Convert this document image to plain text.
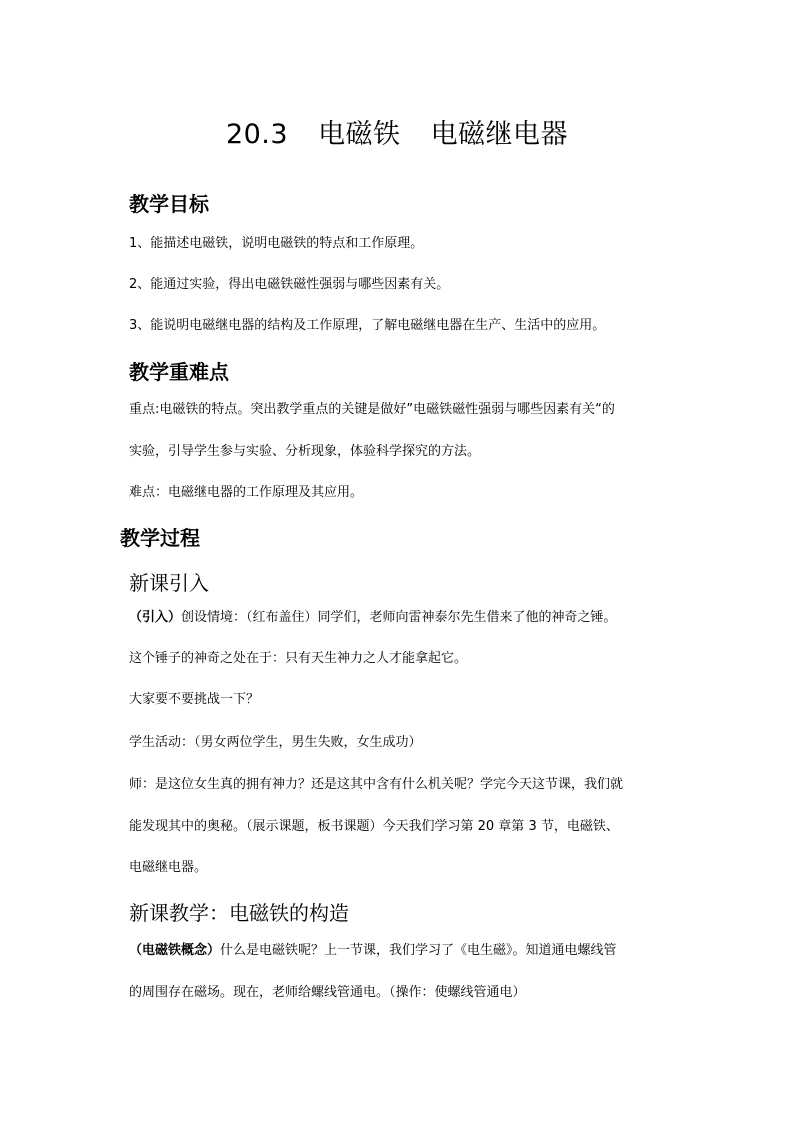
20.3 电磁铁 电磁继电器
教学目标
1、能描述电磁铁，说明电磁铁的特点和工作原理。
2、能通过实验，得出电磁铁磁性强弱与哪些因素有关。
3、能说明电磁继电器的结构及工作原理，了解电磁继电器在生产、生活中的应用。
教学重难点
重点:电磁铁的特点。突出教学重点的关键是做好”电磁铁磁性强弱与哪些因素有关“的
实验，引导学生参与实验、分析现象，体验科学探究的方法。
难点：电磁继电器的工作原理及其应用。
教学过程
新课引入
（引入）创设情境：（红布盖住）同学们，老师向雷神泰尔先生借来了他的神奇之锤。
这个锤子的神奇之处在于：只有天生神力之人才能拿起它。
大家要不要挑战一下？
学生活动：（男女两位学生，男生失败，女生成功）
师：是这位女生真的拥有神力？还是这其中含有什么机关呢？学完今天这节课，我们就
能发现其中的奥秘。（展示课题，板书课题）今天我们学习第 20 章第 3 节，电磁铁、
电磁继电器。
新课教学：电磁铁的构造
（电磁铁概念）什么是电磁铁呢？上一节课，我们学习了《电生磁》。知道通电螺线管
的周围存在磁场。现在，老师给螺线管通电。（操作：使螺线管通电）
